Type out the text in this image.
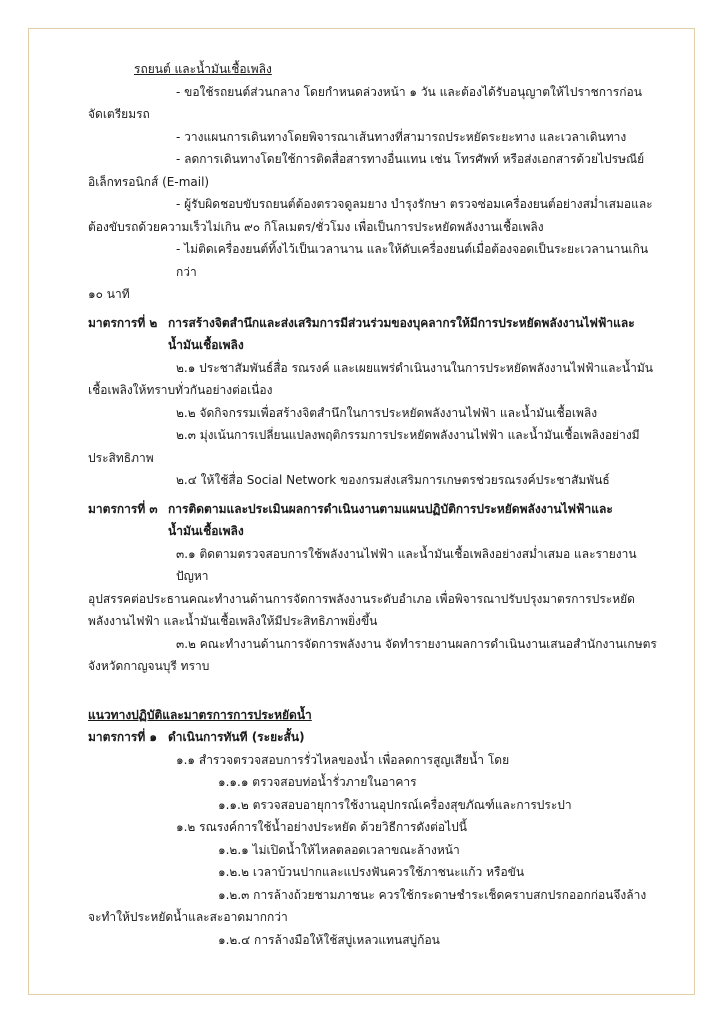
รถยนต์ และน้ำมันเชื้อเพลิง

- ขอใช้รถยนต์ส่วนกลาง โดยกำหนดล่วงหน้า ๑ วัน และต้องได้รับอนุญาตให้ไปราชการก่อน

จัดเตรียมรถ

- วางแผนการเดินทางโดยพิจารณาเส้นทางที่สามารถประหยัดระยะทาง และเวลาเดินทาง

- ลดการเดินทางโดยใช้การติดสื่อสารทางอื่นแทน เช่น โทรศัพท์ หรือส่งเอกสารด้วยไปรษณีย์

อิเล็กทรอนิกส์ (E-mail)

- ผู้รับผิดชอบขับรถยนต์ต้องตรวจดูลมยาง บำรุงรักษา ตรวจซ่อมเครื่องยนต์อย่างสม่ำเสมอและ

ต้องขับรถด้วยความเร็วไม่เกิน ๙๐ กิโลเมตร/ชั่วโมง เพื่อเป็นการประหยัดพลังงานเชื้อเพลิง

- ไม่ติดเครื่องยนต์ทิ้งไว้เป็นเวลานาน และให้ดับเครื่องยนต์เมื่อต้องจอดเป็นระยะเวลานานเกินกว่า

๑๐ นาที

มาตรการที่ ๒ การสร้างจิตสำนึกและส่งเสริมการมีส่วนร่วมของบุคลากรให้มีการประหยัดพลังงานไฟฟ้าและ

น้ำมันเชื้อเพลิง

๒.๑ ประชาสัมพันธ์สื่อ รณรงค์ และเผยแพร่ดำเนินงานในการประหยัดพลังงานไฟฟ้าและน้ำมัน

เชื้อเพลิงให้ทราบทั่วกันอย่างต่อเนื่อง

๒.๒ จัดกิจกรรมเพื่อสร้างจิตสำนึกในการประหยัดพลังงานไฟฟ้า และน้ำมันเชื้อเพลิง

๒.๓ มุ่งเน้นการเปลี่ยนแปลงพฤติกรรมการประหยัดพลังงานไฟฟ้า และน้ำมันเชื้อเพลิงอย่างมี

ประสิทธิภาพ

๒.๔ ให้ใช้สื่อ Social Network ของกรมส่งเสริมการเกษตรช่วยรณรงค์ประชาสัมพันธ์

มาตรการที่ ๓ การติดตามและประเมินผลการดำเนินงานตามแผนปฏิบัติการประหยัดพลังงานไฟฟ้าและ

น้ำมันเชื้อเพลิง

๓.๑ ติดตามตรวจสอบการใช้พลังงานไฟฟ้า และน้ำมันเชื้อเพลิงอย่างสม่ำเสมอ และรายงานปัญหา

อุปสรรคต่อประธานคณะทำงานด้านการจัดการพลังงานระดับอำเภอ เพื่อพิจารณาปรับปรุงมาตรการประหยัด

พลังงานไฟฟ้า และน้ำมันเชื้อเพลิงให้มีประสิทธิภาพยิ่งขึ้น

๓.๒ คณะทำงานด้านการจัดการพลังงาน จัดทำรายงานผลการดำเนินงานเสนอสำนักงานเกษตร

จังหวัดกาญจนบุรี ทราบ

แนวทางปฏิบัติและมาตรการการประหยัดน้ำ

มาตรการที่ ๑ ดำเนินการทันที (ระยะสั้น)

๑.๑ สำรวจตรวจสอบการรั่วไหลของน้ำ เพื่อลดการสูญเสียน้ำ โดย

๑.๑.๑ ตรวจสอบท่อน้ำรั่วภายในอาคาร

๑.๑.๒ ตรวจสอบอายุการใช้งานอุปกรณ์เครื่องสุขภัณฑ์และการประปา

๑.๒ รณรงค์การใช้น้ำอย่างประหยัด ด้วยวิธีการดังต่อไปนี้

๑.๒.๑ ไม่เปิดน้ำให้ไหลตลอดเวลาขณะล้างหน้า

๑.๒.๒ เวลาบ้วนปากและแปรงฟันควรใช้ภาชนะแก้ว หรือขัน

๑.๒.๓ การล้างถ้วยชามภาชนะ ควรใช้กระดาษชำระเช็ดคราบสกปรกออกก่อนจึงล้าง

จะทำให้ประหยัดน้ำและสะอาดมากกว่า

๑.๒.๔ การล้างมือให้ใช้สบู่เหลวแทนสบู่ก้อน
